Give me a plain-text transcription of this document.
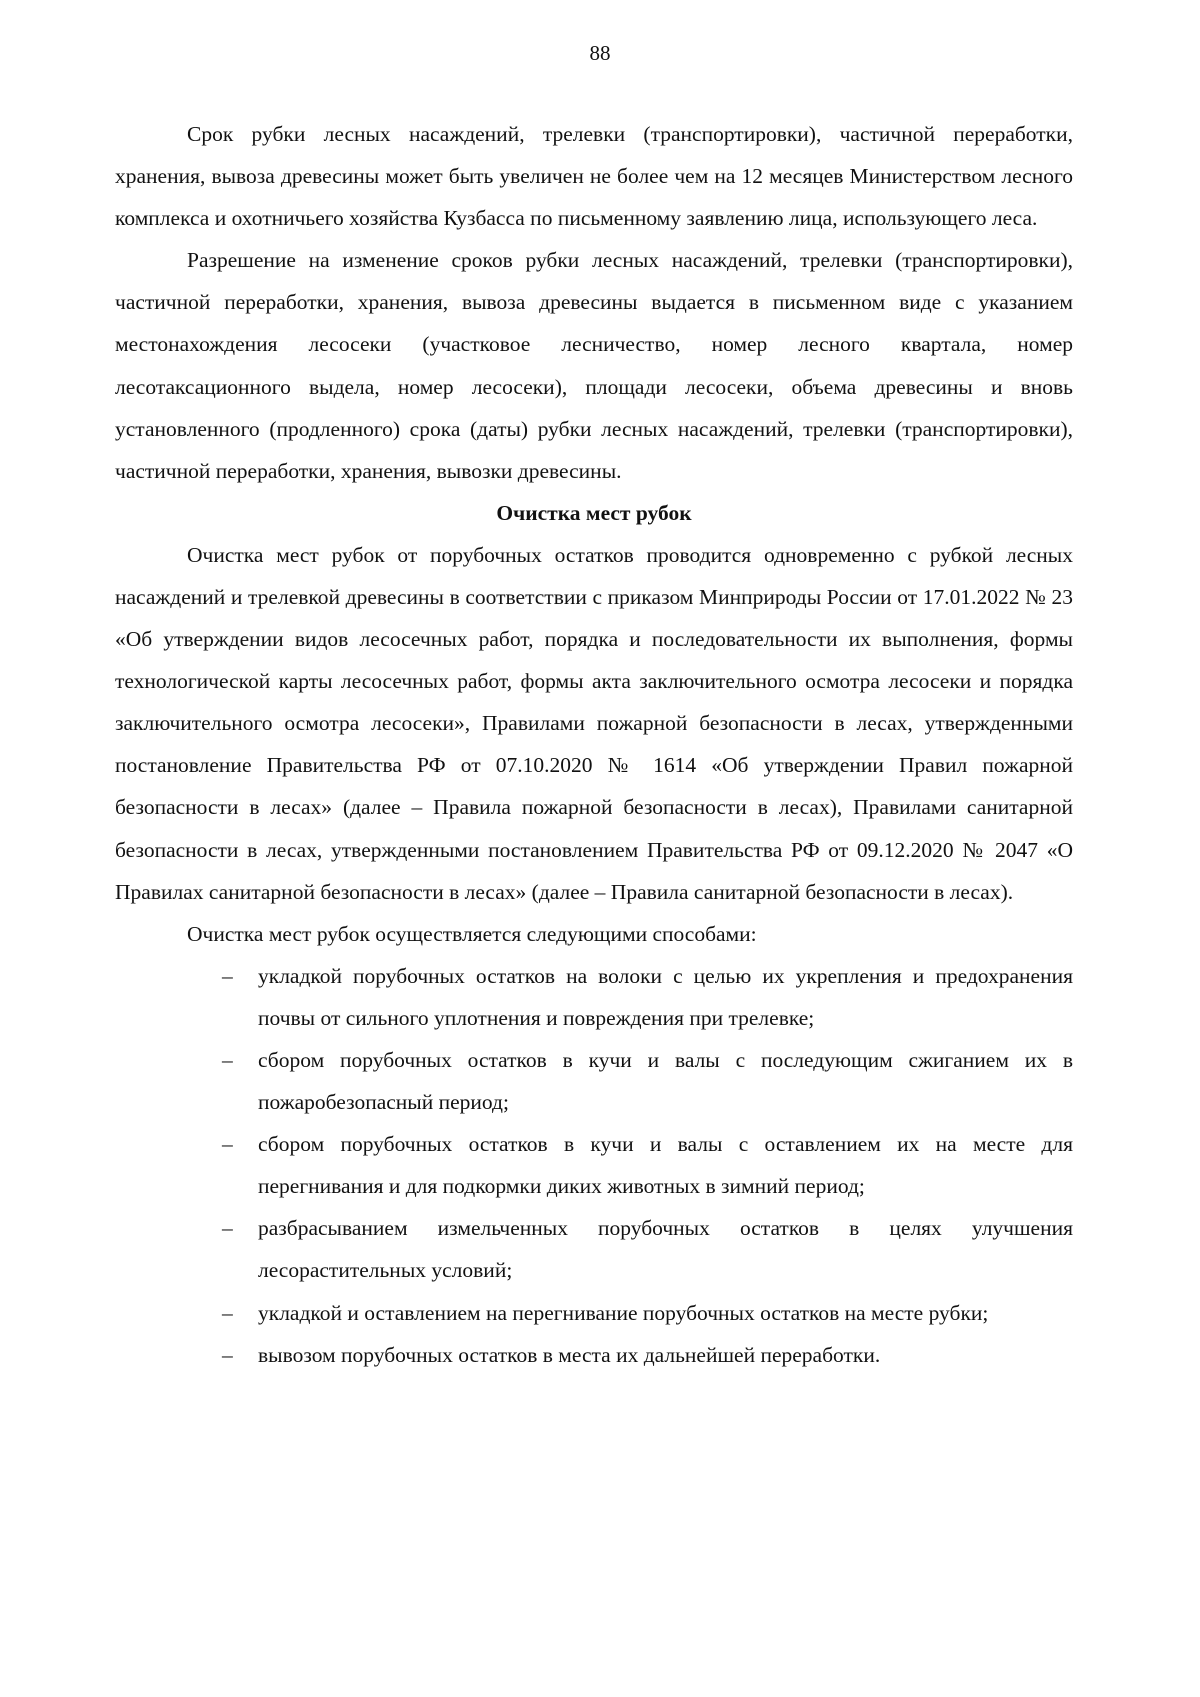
88

Срок рубки лесных насаждений, трелевки (транспортировки), частичной переработки, хранения, вывоза древесины может быть увеличен не более чем на 12 месяцев Министерством лесного комплекса и охотничьего хозяйства Кузбасса по письменному заявлению лица, использующего леса.

Разрешение на изменение сроков рубки лесных насаждений, трелевки (транспортировки), частичной переработки, хранения, вывоза древесины выдается в письменном виде с указанием местонахождения лесосеки (участковое лесничество, номер лесного квартала, номер лесотаксационного выдела, номер лесосеки), площади лесосеки, объема древесины и вновь установленного (продленного) срока (даты) рубки лесных насаждений, трелевки (транспортировки), частичной переработки, хранения, вывозки древесины.

Очистка мест рубок

Очистка мест рубок от порубочных остатков проводится одновременно с рубкой лесных насаждений и трелевкой древесины в соответствии с приказом Минприроды России от 17.01.2022 № 23 «Об утверждении видов лесосечных работ, порядка и последовательности их выполнения, формы технологической карты лесосечных работ, формы акта заключительного осмотра лесосеки и порядка заключительного осмотра лесосеки», Правилами пожарной безопасности в лесах, утвержденными постановление Правительства РФ от 07.10.2020 № 1614 «Об утверждении Правил пожарной безопасности в лесах» (далее – Правила пожарной безопасности в лесах), Правилами санитарной безопасности в лесах, утвержденными постановлением Правительства РФ от 09.12.2020 № 2047 «О Правилах санитарной безопасности в лесах» (далее – Правила санитарной безопасности в лесах).

Очистка мест рубок осуществляется следующими способами:

– укладкой порубочных остатков на волоки с целью их укрепления и предохранения почвы от сильного уплотнения и повреждения при трелевке;
– сбором порубочных остатков в кучи и валы с последующим сжиганием их в пожаробезопасный период;
– сбором порубочных остатков в кучи и валы с оставлением их на месте для перегнивания и для подкормки диких животных в зимний период;
– разбрасыванием измельченных порубочных остатков в целях улучшения лесорастительных условий;
– укладкой и оставлением на перегнивание порубочных остатков на месте рубки;
– вывозом порубочных остатков в места их дальнейшей переработки.
